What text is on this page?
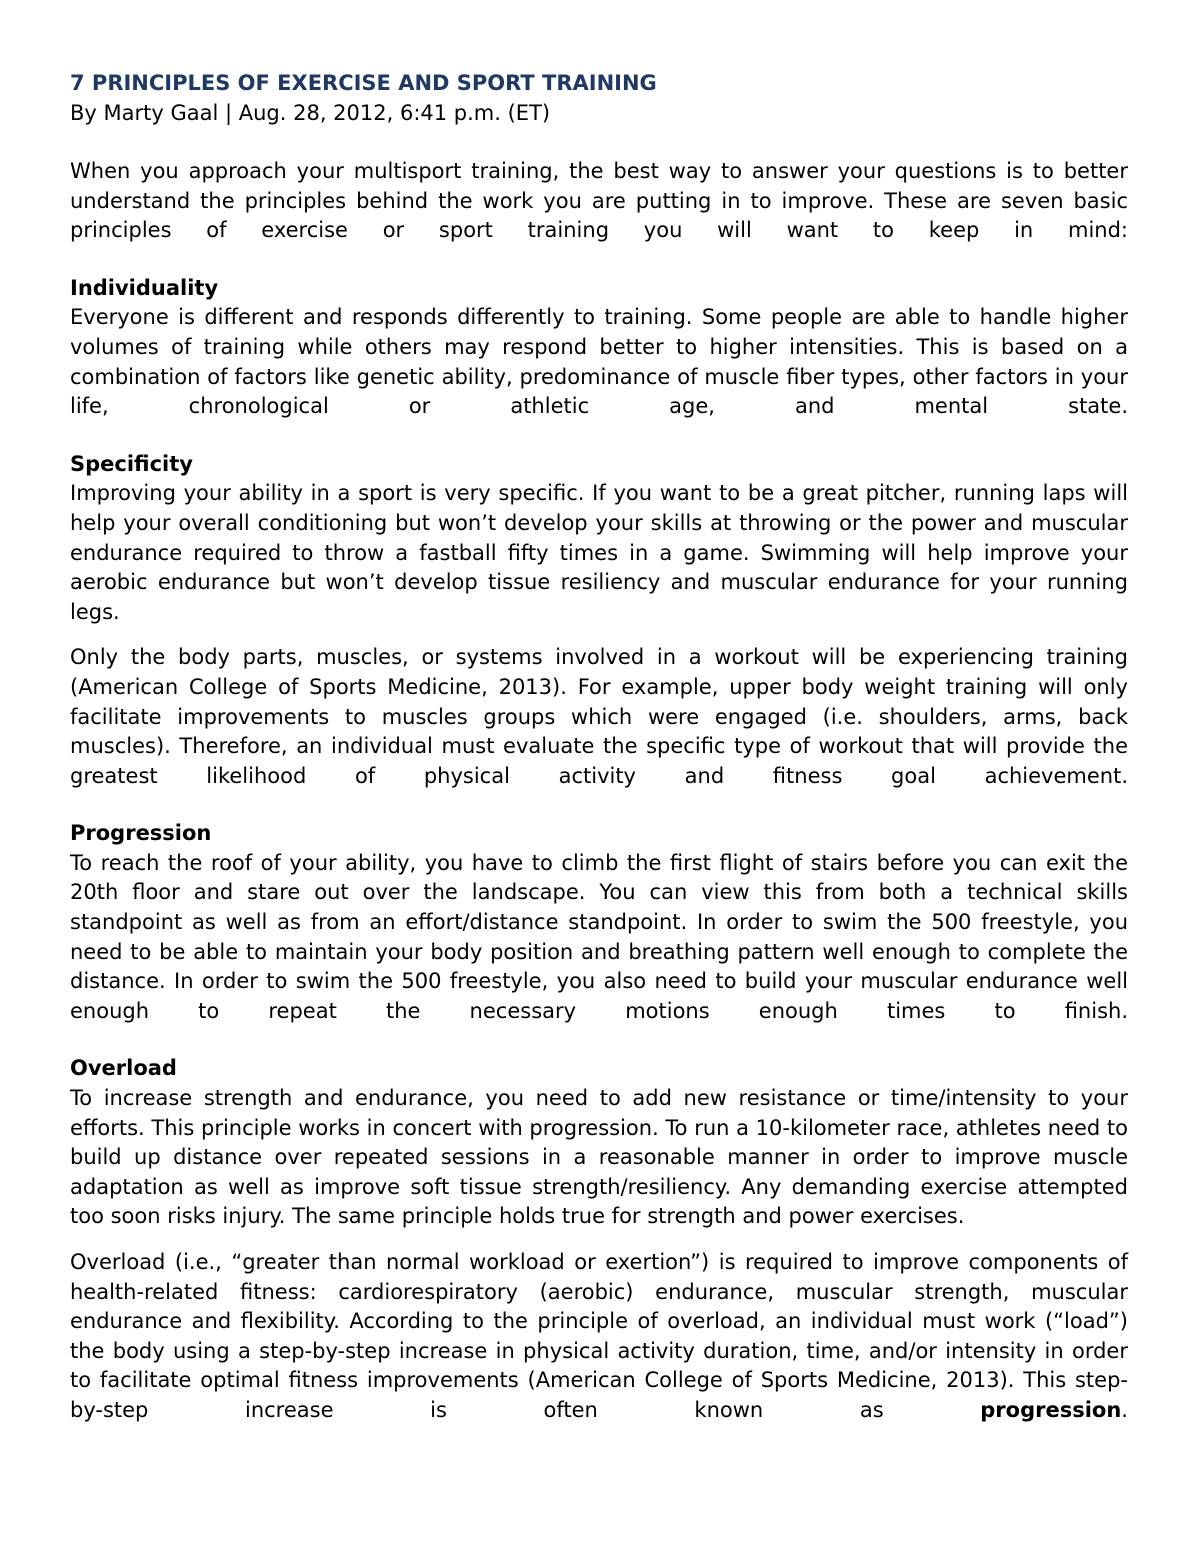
7 PRINCIPLES OF EXERCISE AND SPORT TRAINING
By Marty Gaal | Aug. 28, 2012, 6:41 p.m. (ET)

When you approach your multisport training, the best way to answer your questions is to better understand the principles behind the work you are putting in to improve. These are seven basic principles of exercise or sport training you will want to keep in mind:

Individuality

Everyone is different and responds differently to training. Some people are able to handle higher volumes of training while others may respond better to higher intensities. This is based on a combination of factors like genetic ability, predominance of muscle fiber types, other factors in your life, chronological or athletic age, and mental state.

Specificity

Improving your ability in a sport is very specific. If you want to be a great pitcher, running laps will help your overall conditioning but won’t develop your skills at throwing or the power and muscular endurance required to throw a fastball fifty times in a game. Swimming will help improve your aerobic endurance but won’t develop tissue resiliency and muscular endurance for your running legs.

Only the body parts, muscles, or systems involved in a workout will be experiencing training (American College of Sports Medicine, 2013). For example, upper body weight training will only facilitate improvements to muscles groups which were engaged (i.e. shoulders, arms, back muscles). Therefore, an individual must evaluate the specific type of workout that will provide the greatest likelihood of physical activity and fitness goal achievement.

Progression

To reach the roof of your ability, you have to climb the first flight of stairs before you can exit the 20th floor and stare out over the landscape. You can view this from both a technical skills standpoint as well as from an effort/distance standpoint. In order to swim the 500 freestyle, you need to be able to maintain your body position and breathing pattern well enough to complete the distance. In order to swim the 500 freestyle, you also need to build your muscular endurance well enough to repeat the necessary motions enough times to finish.

Overload

To increase strength and endurance, you need to add new resistance or time/intensity to your efforts. This principle works in concert with progression. To run a 10-kilometer race, athletes need to build up distance over repeated sessions in a reasonable manner in order to improve muscle adaptation as well as improve soft tissue strength/resiliency. Any demanding exercise attempted too soon risks injury. The same principle holds true for strength and power exercises.

Overload (i.e., “greater than normal workload or exertion”) is required to improve components of health-related fitness: cardiorespiratory (aerobic) endurance, muscular strength, muscular endurance and flexibility. According to the principle of overload, an individual must work (“load”) the body using a step-by-step increase in physical activity duration, time, and/or intensity in order to facilitate optimal fitness improvements (American College of Sports Medicine, 2013). This step-by-step increase is often known as	progression.
